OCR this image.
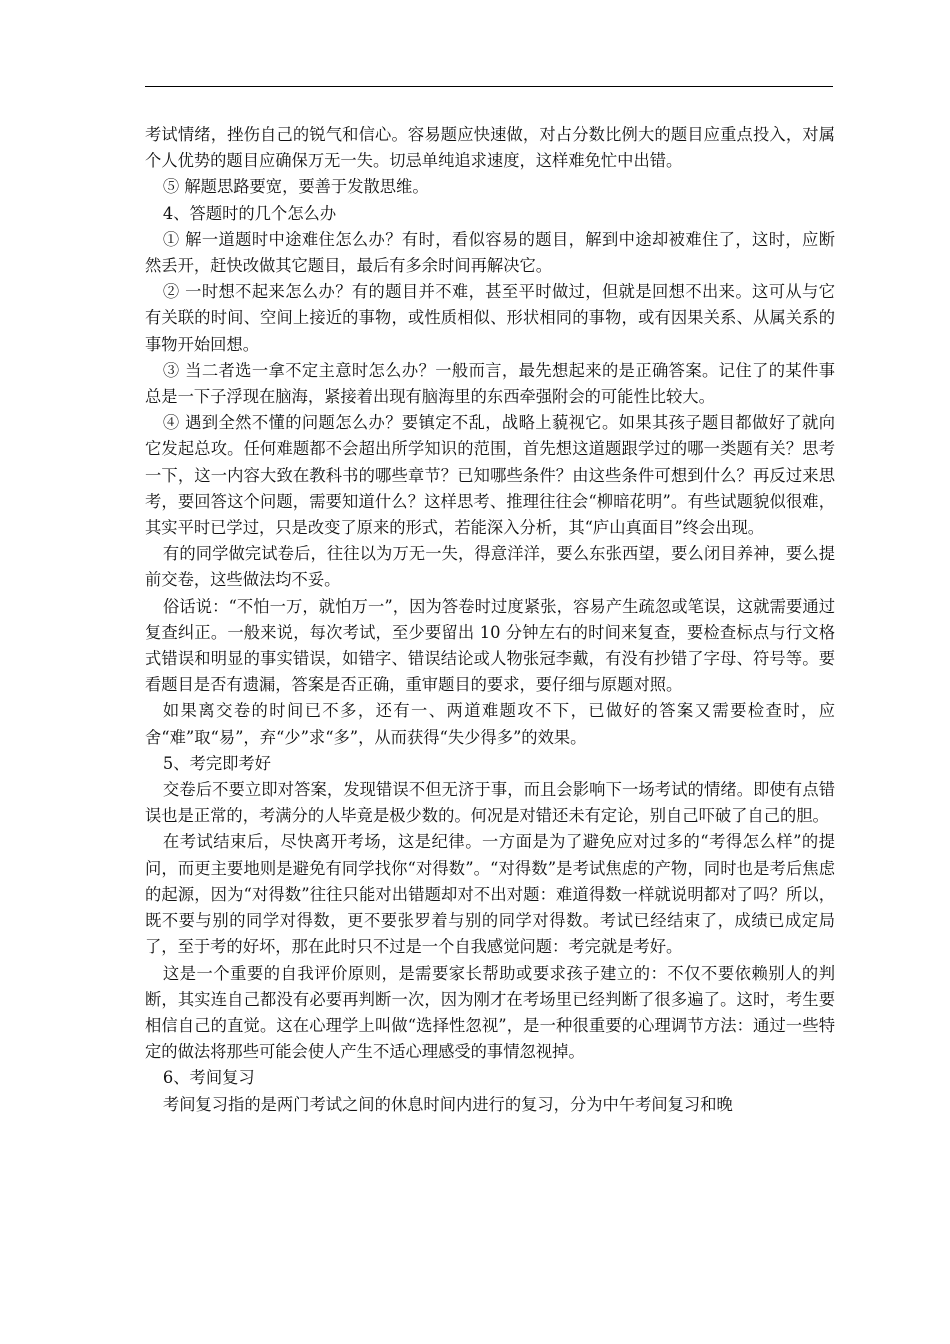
考试情绪，挫伤自己的锐气和信心。容易题应快速做，对占分数比例大的题目应重点投入，对属个人优势的题目应确保万无一失。切忌单纯追求速度，这样难免忙中出错。

⑤ 解题思路要宽，要善于发散思维。

4、答题时的几个怎么办

① 解一道题时中途难住怎么办？有时，看似容易的题目，解到中途却被难住了，这时，应断然丢开，赶快改做其它题目，最后有多余时间再解决它。

② 一时想不起来怎么办？有的题目并不难，甚至平时做过，但就是回想不出来。这可从与它有关联的时间、空间上接近的事物，或性质相似、形状相同的事物，或有因果关系、从属关系的事物开始回想。

③ 当二者选一拿不定主意时怎么办？一般而言，最先想起来的是正确答案。记住了的某件事总是一下子浮现在脑海，紧接着出现有脑海里的东西牵强附会的可能性比较大。

④ 遇到全然不懂的问题怎么办？要镇定不乱，战略上藐视它。如果其孩子题目都做好了就向它发起总攻。任何难题都不会超出所学知识的范围，首先想这道题跟学过的哪一类题有关？思考一下，这一内容大致在教科书的哪些章节？已知哪些条件？由这些条件可想到什么？再反过来思考，要回答这个问题，需要知道什么？这样思考、推理往往会“柳暗花明”。有些试题貌似很难，其实平时已学过，只是改变了原来的形式，若能深入分析，其“庐山真面目”终会出现。

有的同学做完试卷后，往往以为万无一失，得意洋洋，要么东张西望，要么闭目养神，要么提前交卷，这些做法均不妥。

俗话说：“不怕一万，就怕万一”，因为答卷时过度紧张，容易产生疏忽或笔误，这就需要通过复查纠正。一般来说，每次考试，至少要留出 10 分钟左右的时间来复查，要检查标点与行文格式错误和明显的事实错误，如错字、错误结论或人物张冠李戴，有没有抄错了字母、符号等。要看题目是否有遗漏，答案是否正确，重审题目的要求，要仔细与原题对照。

如果离交卷的时间已不多，还有一、两道难题攻不下，已做好的答案又需要检查时，应舍“难”取“易”，弃“少”求“多”，从而获得“失少得多”的效果。

5、考完即考好

交卷后不要立即对答案，发现错误不但无济于事，而且会影响下一场考试的情绪。即使有点错误也是正常的，考满分的人毕竟是极少数的。何况是对错还未有定论，别自己吓破了自己的胆。

在考试结束后，尽快离开考场，这是纪律。一方面是为了避免应对过多的“考得怎么样”的提问，而更主要地则是避免有同学找你“对得数”。“对得数”是考试焦虑的产物，同时也是考后焦虑的起源，因为“对得数”往往只能对出错题却对不出对题：难道得数一样就说明都对了吗？所以，既不要与别的同学对得数，更不要张罗着与别的同学对得数。考试已经结束了，成绩已成定局了，至于考的好坏，那在此时只不过是一个自我感觉问题：考完就是考好。

这是一个重要的自我评价原则，是需要家长帮助或要求孩子建立的：不仅不要依赖别人的判断，其实连自己都没有必要再判断一次，因为刚才在考场里已经判断了很多遍了。这时，考生要相信自己的直觉。这在心理学上叫做“选择性忽视”，是一种很重要的心理调节方法：通过一些特定的做法将那些可能会使人产生不适心理感受的事情忽视掉。

6、考间复习

考间复习指的是两门考试之间的休息时间内进行的复习，分为中午考间复习和晚
